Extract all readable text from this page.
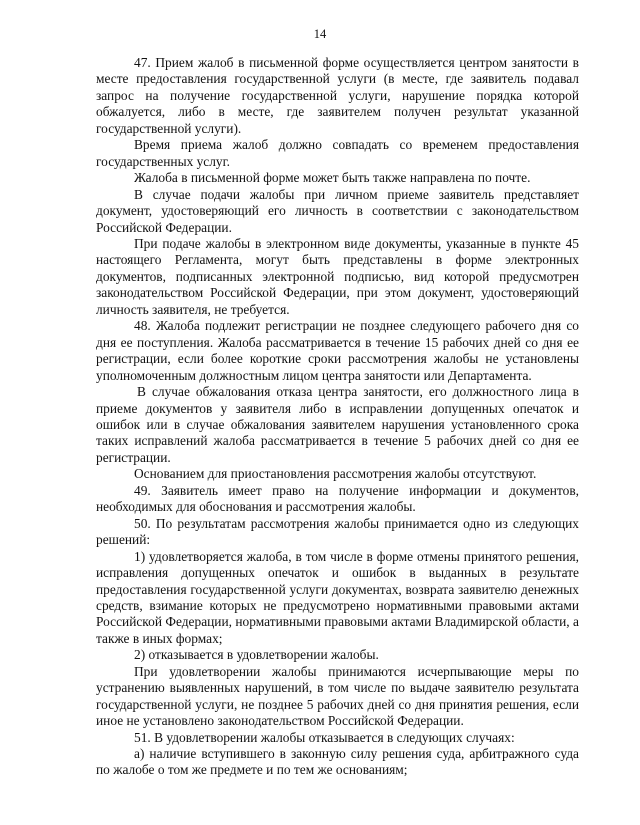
14

47. Прием жалоб в письменной форме осуществляется центром занятости в месте предоставления государственной услуги (в месте, где заявитель подавал запрос на получение государственной услуги, нарушение порядка которой обжалуется, либо в месте, где заявителем получен результат указанной государственной услуги).

Время приема жалоб должно совпадать со временем предоставления государственных услуг.

Жалоба в письменной форме может быть также направлена по почте.

В случае подачи жалобы при личном приеме заявитель представляет документ, удостоверяющий его личность в соответствии с законодательством Российской Федерации.

При подаче жалобы в электронном виде документы, указанные в пункте 45 настоящего Регламента, могут быть представлены в форме электронных документов, подписанных электронной подписью, вид которой предусмотрен законодательством Российской Федерации, при этом документ, удостоверяющий личность заявителя, не требуется.

48. Жалоба подлежит регистрации не позднее следующего рабочего дня со дня ее поступления. Жалоба рассматривается в течение 15 рабочих дней со дня ее регистрации, если более короткие сроки рассмотрения жалобы не установлены уполномоченным должностным лицом центра занятости или Департамента.

В случае обжалования отказа центра занятости, его должностного лица в приеме документов у заявителя либо в исправлении допущенных опечаток и ошибок или в случае обжалования заявителем нарушения установленного срока таких исправлений жалоба рассматривается в течение 5 рабочих дней со дня ее регистрации.

Основанием для приостановления рассмотрения жалобы отсутствуют.

49. Заявитель имеет право на получение информации и документов, необходимых для обоснования и рассмотрения жалобы.

50. По результатам рассмотрения жалобы принимается одно из следующих решений:

1) удовлетворяется жалоба, в том числе в форме отмены принятого решения, исправления допущенных опечаток и ошибок в выданных в результате предоставления государственной услуги документах, возврата заявителю денежных средств, взимание которых не предусмотрено нормативными правовыми актами Российской Федерации, нормативными правовыми актами Владимирской области, а также в иных формах;

2) отказывается в удовлетворении жалобы.

При удовлетворении жалобы принимаются исчерпывающие меры по устранению выявленных нарушений, в том числе по выдаче заявителю результата государственной услуги, не позднее 5 рабочих дней со дня принятия решения, если иное не установлено законодательством Российской Федерации.

51. В удовлетворении жалобы отказывается в следующих случаях:

а) наличие вступившего в законную силу решения суда, арбитражного суда по жалобе о том же предмете и по тем же основаниям;
